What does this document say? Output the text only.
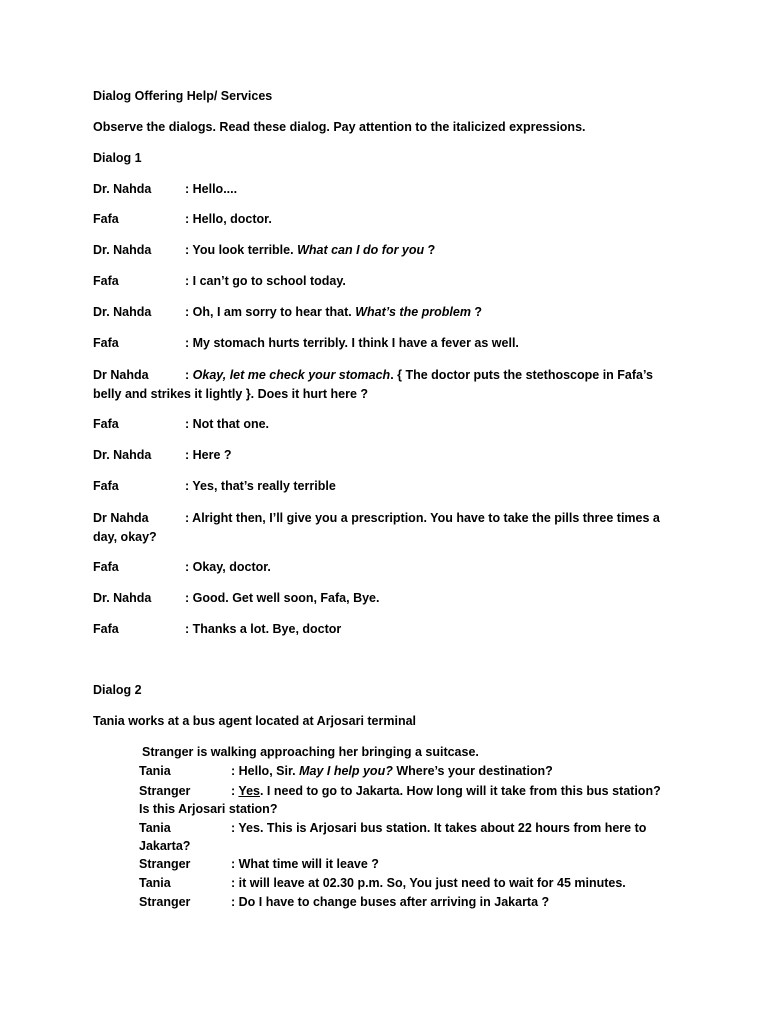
Dialog Offering Help/ Services
Observe the dialogs. Read these dialog. Pay attention to the italicized expressions.
Dialog 1
Dr. Nahda	: Hello....
Fafa	: Hello, doctor.
Dr. Nahda	: You look terrible. What can I do for you ?
Fafa	: I can’t go to school today.
Dr. Nahda	: Oh, I am sorry to hear that. What’s the problem ?
Fafa	: My stomach hurts terribly. I think I have a fever as well.
Dr Nahda	: Okay, let me check your stomach. { The doctor puts the stethoscope in Fafa’s belly and strikes it lightly }. Does it hurt here ?
Fafa	: Not that one.
Dr. Nahda	: Here ?
Fafa	: Yes, that’s really terrible
Dr Nahda	: Alright then, I’ll give you a prescription. You have to take the pills three times a day, okay?
Fafa	: Okay, doctor.
Dr. Nahda	: Good. Get well soon, Fafa, Bye.
Fafa	: Thanks a lot. Bye, doctor
Dialog 2
Tania works at a bus agent located at Arjosari terminal
Stranger is walking approaching her bringing a suitcase.
Tania	: Hello, Sir. May I help you? Where’s your destination?
Stranger	: Yes. I need to go to Jakarta. How long will it take from this bus station? Is this Arjosari station?
Tania	: Yes. This is Arjosari bus station. It takes about 22 hours from here to Jakarta?
Stranger	: What time will it leave ?
Tania	: it will leave at 02.30 p.m. So, You just need to wait for 45 minutes.
Stranger	: Do I have to change buses after arriving in Jakarta ?
